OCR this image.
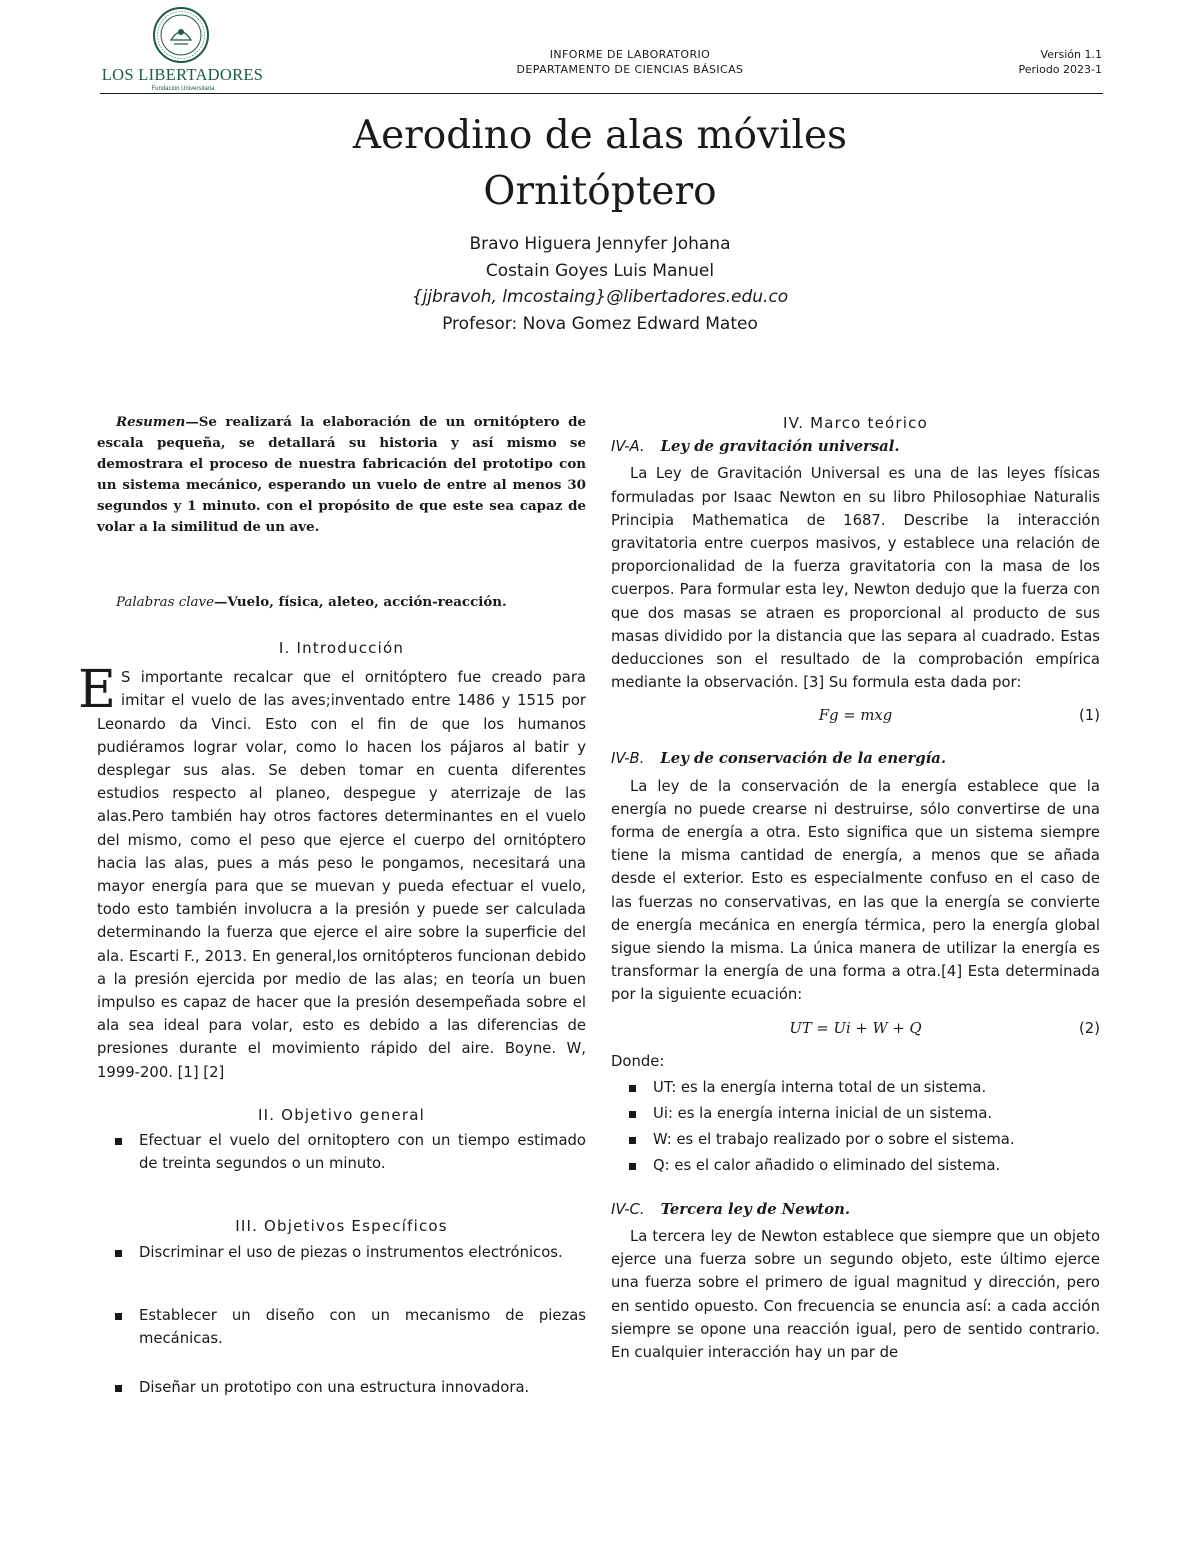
LOS LIBERTADORES
Fundación Universitaria
INFORME DE LABORATORIO
DEPARTAMENTO DE CIENCIAS BÁSICAS
Versión 1.1
Periodo 2023-1
Aerodino de alas móviles
Ornitóptero
Bravo Higuera Jennyfer Johana
Costain Goyes Luis Manuel
{jjbravoh, lmcostaing}@libertadores.edu.co
Profesor: Nova Gomez Edward Mateo

Resumen—Se realizará la elaboración de un ornitóptero de escala pequeña, se detallará su historia y así mismo se demostrara el proceso de nuestra fabricación del prototipo con un sistema mecánico, esperando un vuelo de entre al menos 30 segundos y 1 minuto. con el propósito de que este sea capaz de volar a la similitud de un ave.

Palabras clave—Vuelo, física, aleteo, acción-reacción.

I. Introducción

E S importante recalcar que el ornitóptero fue creado para imitar el vuelo de las aves;inventado entre 1486 y 1515 por Leonardo da Vinci. Esto con el fin de que los humanos pudiéramos lograr volar, como lo hacen los pájaros al batir y desplegar sus alas. Se deben tomar en cuenta diferentes estudios respecto al planeo, despegue y aterrizaje de las alas.Pero también hay otros factores determinantes en el vuelo del mismo, como el peso que ejerce el cuerpo del ornitóptero hacia las alas, pues a más peso le pongamos, necesitará una mayor energía para que se muevan y pueda efectuar el vuelo, todo esto también involucra a la presión y puede ser calculada determinando la fuerza que ejerce el aire sobre la superficie del ala. Escarti F., 2013. En general,los ornitópteros funcionan debido a la presión ejercida por medio de las alas; en teoría un buen impulso es capaz de hacer que la presión desempeñada sobre el ala sea ideal para volar, esto es debido a las diferencias de presiones durante el movimiento rápido del aire. Boyne. W, 1999-200. [1] [2]

II. Objetivo general

Efectuar el vuelo del ornitoptero con un tiempo estimado de treinta segundos o un minuto.

III. Objetivos Específicos

Discriminar el uso de piezas o instrumentos electrónicos.
Establecer un diseño con un mecanismo de piezas mecánicas.
Diseñar un prototipo con una estructura innovadora.

IV. Marco teórico

IV-A. Ley de gravitación universal.

La Ley de Gravitación Universal es una de las leyes físicas formuladas por Isaac Newton en su libro Philosophiae Naturalis Principia Mathematica de 1687. Describe la interacción gravitatoria entre cuerpos masivos, y establece una relación de proporcionalidad de la fuerza gravitatoria con la masa de los cuerpos. Para formular esta ley, Newton dedujo que la fuerza con que dos masas se atraen es proporcional al producto de sus masas dividido por la distancia que las separa al cuadrado. Estas deducciones son el resultado de la comprobación empírica mediante la observación. [3] Su formula esta dada por:

Fg = mxg	(1)

IV-B. Ley de conservación de la energía.

La ley de la conservación de la energía establece que la energía no puede crearse ni destruirse, sólo convertirse de una forma de energía a otra. Esto significa que un sistema siempre tiene la misma cantidad de energía, a menos que se añada desde el exterior. Esto es especialmente confuso en el caso de las fuerzas no conservativas, en las que la energía se convierte de energía mecánica en energía térmica, pero la energía global sigue siendo la misma. La única manera de utilizar la energía es transformar la energía de una forma a otra.[4] Esta determinada por la siguiente ecuación:

UT = Ui + W + Q	(2)

Donde:

UT: es la energía interna total de un sistema.
Ui: es la energía interna inicial de un sistema.
W: es el trabajo realizado por o sobre el sistema.
Q: es el calor añadido o eliminado del sistema.

IV-C. Tercera ley de Newton.

La tercera ley de Newton establece que siempre que un objeto ejerce una fuerza sobre un segundo objeto, este último ejerce una fuerza sobre el primero de igual magnitud y dirección, pero en sentido opuesto. Con frecuencia se enuncia así: a cada acción siempre se opone una reacción igual, pero de sentido contrario. En cualquier interacción hay un par de
